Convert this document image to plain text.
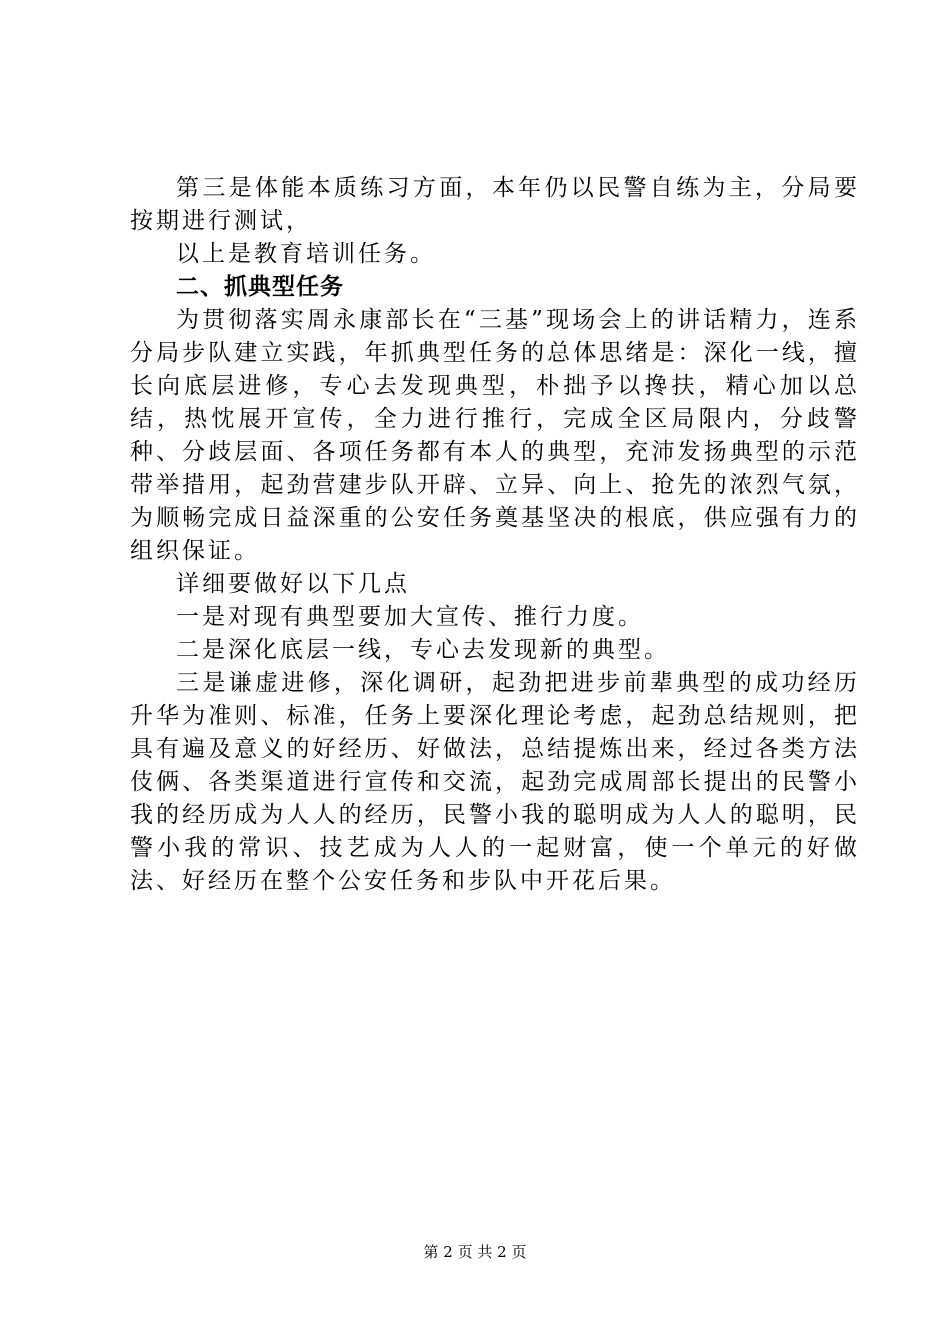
第三是体能本质练习方面，本年仍以民警自练为主，分局要按期进行测试，

以上是教育培训任务。

二、抓典型任务

为贯彻落实周永康部长在“三基”现场会上的讲话精力，连系分局步队建立实践，年抓典型任务的总体思绪是：深化一线，擅长向底层进修，专心去发现典型，朴拙予以搀扶，精心加以总结，热忱展开宣传，全力进行推行，完成全区局限内，分歧警种、分歧层面、各项任务都有本人的典型，充沛发扬典型的示范带举措用，起劲营建步队开辟、立异、向上、抢先的浓烈气氛，为顺畅完成日益深重的公安任务奠基坚决的根底，供应强有力的组织保证。

详细要做好以下几点

一是对现有典型要加大宣传、推行力度。

二是深化底层一线，专心去发现新的典型。

三是谦虚进修，深化调研，起劲把进步前辈典型的成功经历升华为准则、标准，任务上要深化理论考虑，起劲总结规则，把具有遍及意义的好经历、好做法，总结提炼出来，经过各类方法伎俩、各类渠道进行宣传和交流，起劲完成周部长提出的民警小我的经历成为人人的经历，民警小我的聪明成为人人的聪明，民警小我的常识、技艺成为人人的一起财富，使一个单元的好做法、好经历在整个公安任务和步队中开花后果。

第 2 页 共 2 页
